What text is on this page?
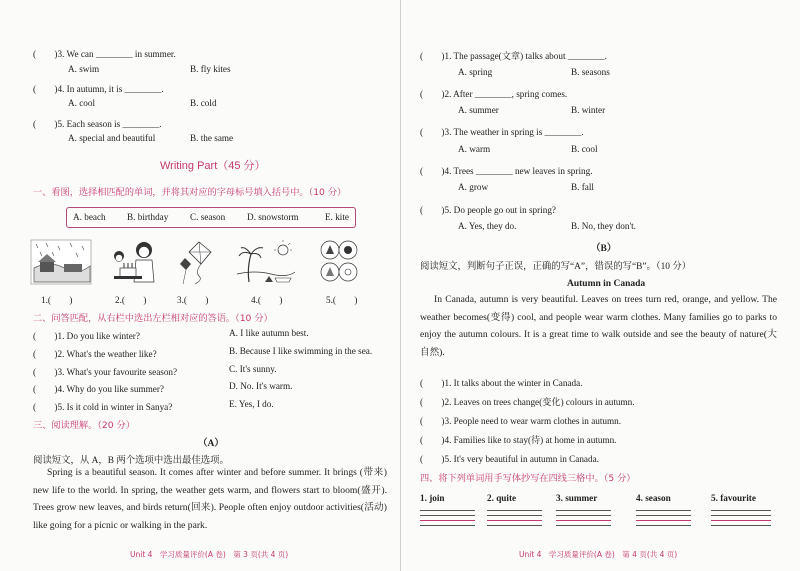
(　　)3. We can ________ in summer.
A. swim	B. fly kites
(　　)4. In autumn, it is ________.
A. cool	B. cold
(　　)5. Each season is ________.
A. special and beautiful	B. the same
Writing Part（45 分）
一、看图，选择相匹配的单词，并将其对应的字母标号填入括号中。（10 分）
A. beach B. birthday C. season D. snowstorm	E. kite
1.(　　)	2.(　　)	3.(　　)	4.(　　)	5.(　　)
二、问答匹配，从右栏中选出左栏相对应的答语。（10 分）
(　　)1. Do you like winter?	A. I like autumn best.
(　　)2. What's the weather like?	B. Because I like swimming in the sea.
(　　)3. What's your favourite season?	C. It's sunny.
(　　)4. Why do you like summer?	D. No. It's warm.
(　　)5. Is it cold in winter in Sanya?	E. Yes, I do.
三、阅读理解。（20 分）
（A）
阅读短文，从 A，B 两个选项中选出最佳选项。
Spring is a beautiful season. It comes after winter and before summer. It brings (带来) new life to the world. In spring, the weather gets warm, and flowers start to bloom(盛开). Trees grow new leaves, and birds return(回来). People often enjoy outdoor activities(活动) like going for a picnic or walking in the park.
Unit 4　学习质量评价(A 卷)　第 3 页(共 4 页)
(　　)1. The passage(文章) talks about ________.
A. spring	B. seasons
(　　)2. After ________, spring comes.
A. summer	B. winter
(　　)3. The weather in spring is ________.
A. warm	B. cool
(　　)4. Trees ________ new leaves in spring.
A. grow	B. fall
(　　)5. Do people go out in spring?
A. Yes, they do.	B. No, they don't.
（B）
阅读短文，判断句子正误，正确的写“A”，错误的写“B”。（10 分）
Autumn in Canada
In Canada, autumn is very beautiful. Leaves on trees turn red, orange, and yellow. The weather becomes(变得) cool, and people wear warm clothes. Many families go to parks to enjoy the autumn colours. It is a great time to walk outside and see the beauty of nature(大自然).
(　　)1. It talks about the winter in Canada.
(　　)2. Leaves on trees change(变化) colours in autumn.
(　　)3. People need to wear warm clothes in autumn.
(　　)4. Families like to stay(待) at home in autumn.
(　　)5. It's very beautiful in autumn in Canada.
四、将下列单词用手写体抄写在四线三格中。（5 分）
1. join	2. quite	3. summer	4. season	5. favourite
Unit 4　学习质量评价(A 卷)　第 4 页(共 4 页)
